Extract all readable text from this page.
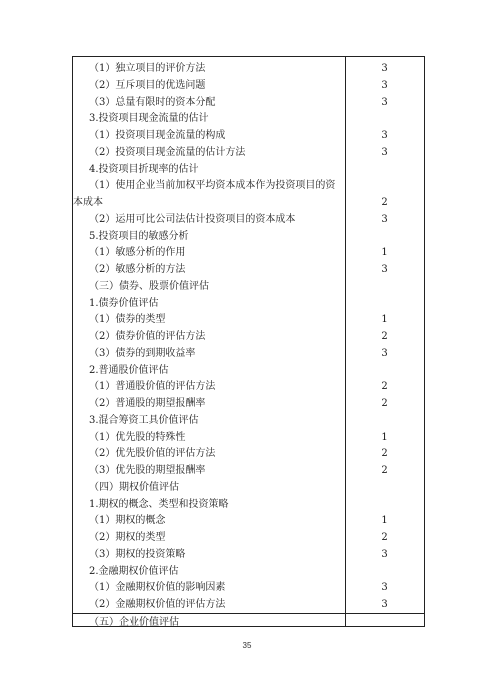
（1）独立项目的评价方法	3
（2）互斥项目的优选问题	3
（3）总量有限时的资本分配	3
3.投资项目现金流量的估计
（1）投资项目现金流量的构成	3
（2）投资项目现金流量的估计方法	3
4.投资项目折现率的估计
（1）使用企业当前加权平均资本成本作为投资项目的资
本成本	2
（2）运用可比公司法估计投资项目的资本成本	3
5.投资项目的敏感分析
（1）敏感分析的作用	1
（2）敏感分析的方法	3
（三）债券、股票价值评估
1.债券价值评估
（1）债券的类型	1
（2）债券价值的评估方法	2
（3）债券的到期收益率	3
2.普通股价值评估
（1）普通股价值的评估方法	2
（2）普通股的期望报酬率	2
3.混合筹资工具价值评估
（1）优先股的特殊性	1
（2）优先股价值的评估方法	2
（3）优先股的期望报酬率	2
（四）期权价值评估
1.期权的概念、类型和投资策略
（1）期权的概念	1
（2）期权的类型	2
（3）期权的投资策略	3
2.金融期权价值评估
（1）金融期权价值的影响因素	3
（2）金融期权价值的评估方法	3
（五）企业价值评估
35
